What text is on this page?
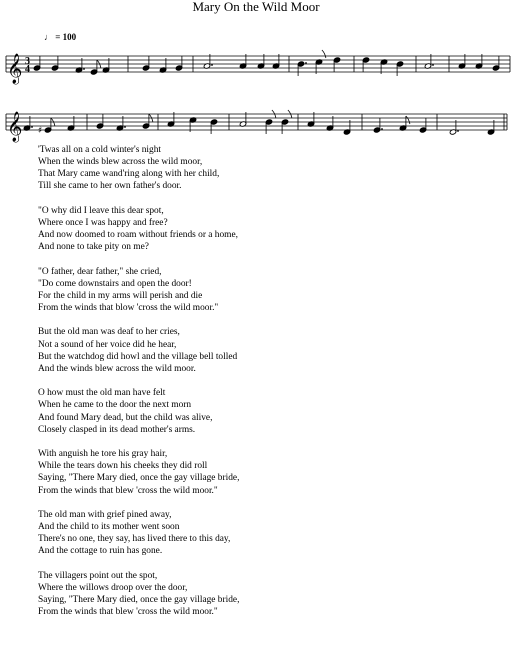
Mary On the Wild Moor
♩ = 100
𝄞 3
4
𝄞 ♯
'Twas all on a cold winter's night
When the winds blew across the wild moor,
That Mary came wand'ring along with her child,
Till she came to her own father's door.
"O why did I leave this dear spot,
Where once I was happy and free?
And now doomed to roam without friends or a home,
And none to take pity on me?
"O father, dear father," she cried,
"Do come downstairs and open the door!
For the child in my arms will perish and die
From the winds that blow 'cross the wild moor."
But the old man was deaf to her cries,
Not a sound of her voice did he hear,
But the watchdog did howl and the village bell tolled
And the winds blew across the wild moor.
O how must the old man have felt
When he came to the door the next morn
And found Mary dead, but the child was alive,
Closely clasped in its dead mother's arms.
With anguish he tore his gray hair,
While the tears down his cheeks they did roll
Saying, "There Mary died, once the gay village bride,
From the winds that blew 'cross the wild moor."
The old man with grief pined away,
And the child to its mother went soon
There's no one, they say, has lived there to this day,
And the cottage to ruin has gone.
The villagers point out the spot,
Where the willows droop over the door,
Saying, "There Mary died, once the gay village bride,
From the winds that blew 'cross the wild moor."
